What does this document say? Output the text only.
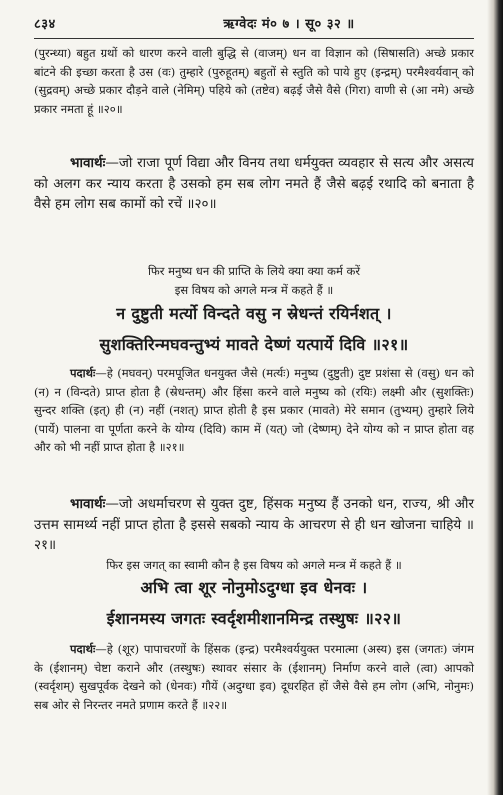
८३४	ऋग्वेदः मं० ७ । सू० ३२ ॥
(पुरन्ध्या) बहुत ग्रथों को धारण करने वाली बुद्धि से (वाजम्) धन वा विज्ञान को (सिषासति) अच्छे प्रकार बांटने की इच्छा करता है उस (वः) तुम्हारे (पुरुहूतम्) बहुतों से स्तुति को पाये हुए (इन्द्रम्) परमैश्वर्यवान् को (सुद्रवम्) अच्छे प्रकार दौड़ने वाले (नेमिम्) पहिये को (तष्टेव) बढ़ई जैसे वैसे (गिरा) वाणी से (आ नमे) अच्छे प्रकार नमता हूं ॥२०॥
भावार्थः—जो राजा पूर्ण विद्या और विनय तथा धर्मयुक्त व्यवहार से सत्य और असत्य को अलग कर न्याय करता है उसको हम सब लोग नमते हैं जैसे बढ़ई रथादि को बनाता है वैसे हम लोग सब कामों को रचें ॥२०॥
फिर मनुष्य धन की प्राप्ति के लिये क्या क्या कर्म करें
इस विषय को अगले मन्त्र में कहते हैं ॥
न दुष्टुती मर्त्यो विन्दते वसु न स्रेधन्तं रयिर्नशत् ।
सुशक्तिरिन्मघवन्तुभ्यं मावते देष्णं यत्पार्ये दिवि ॥२१॥
पदार्थः—हे (मघवन्) परमपूजित धनयुक्त जैसे (मर्त्यः) मनुष्य (दुष्टुती) दुष्ट प्रशंसा से (वसु) धन को (न) न (विन्दते) प्राप्त होता है (स्रेधन्तम्) और हिंसा करने वाले मनुष्य को (रयिः) लक्ष्मी और (सुशक्तिः) सुन्दर शक्ति (इत्) ही (न) नहीं (नशत्) प्राप्त होती है इस प्रकार (मावते) मेरे समान (तुभ्यम्) तुम्हारे लिये (पार्ये) पालना वा पूर्णता करने के योग्य (दिवि) काम में (यत्) जो (देष्णम्) देने योग्य को न प्राप्त होता वह और को भी नहीं प्राप्त होता है ॥२१॥
भावार्थः—जो अधर्माचरण से युक्त दुष्ट, हिंसक मनुष्य हैं उनको धन, राज्य, श्री और उत्तम सामर्थ्य नहीं प्राप्त होता है इससे सबको न्याय के आचरण से ही धन खोजना चाहिये ॥२१॥
फिर इस जगत् का स्वामी कौन है इस विषय को अगले मन्त्र में कहते हैं ॥
अभि त्वा शूर नोनुमोऽदुग्धा इव धेनवः ।
ईशानमस्य जगतः स्वर्दृशमीशानमिन्द्र तस्थुषः ॥२२॥
पदार्थः—हे (शूर) पापाचरणों के हिंसक (इन्द्र) परमैश्वर्ययुक्त परमात्मा (अस्य) इस (जगतः) जंगम के (ईशानम्) चेष्टा कराने और (तस्थुषः) स्थावर संसार के (ईशानम्) निर्माण करने वाले (त्वा) आपको (स्वर्दृशम्) सुखपूर्वक देखने को (धेनवः) गौयें (अदुग्धा इव) दूधरहित हों जैसे वैसे हम लोग (अभि, नोनुमः) सब ओर से निरन्तर नमते प्रणाम करते हैं ॥२२॥
